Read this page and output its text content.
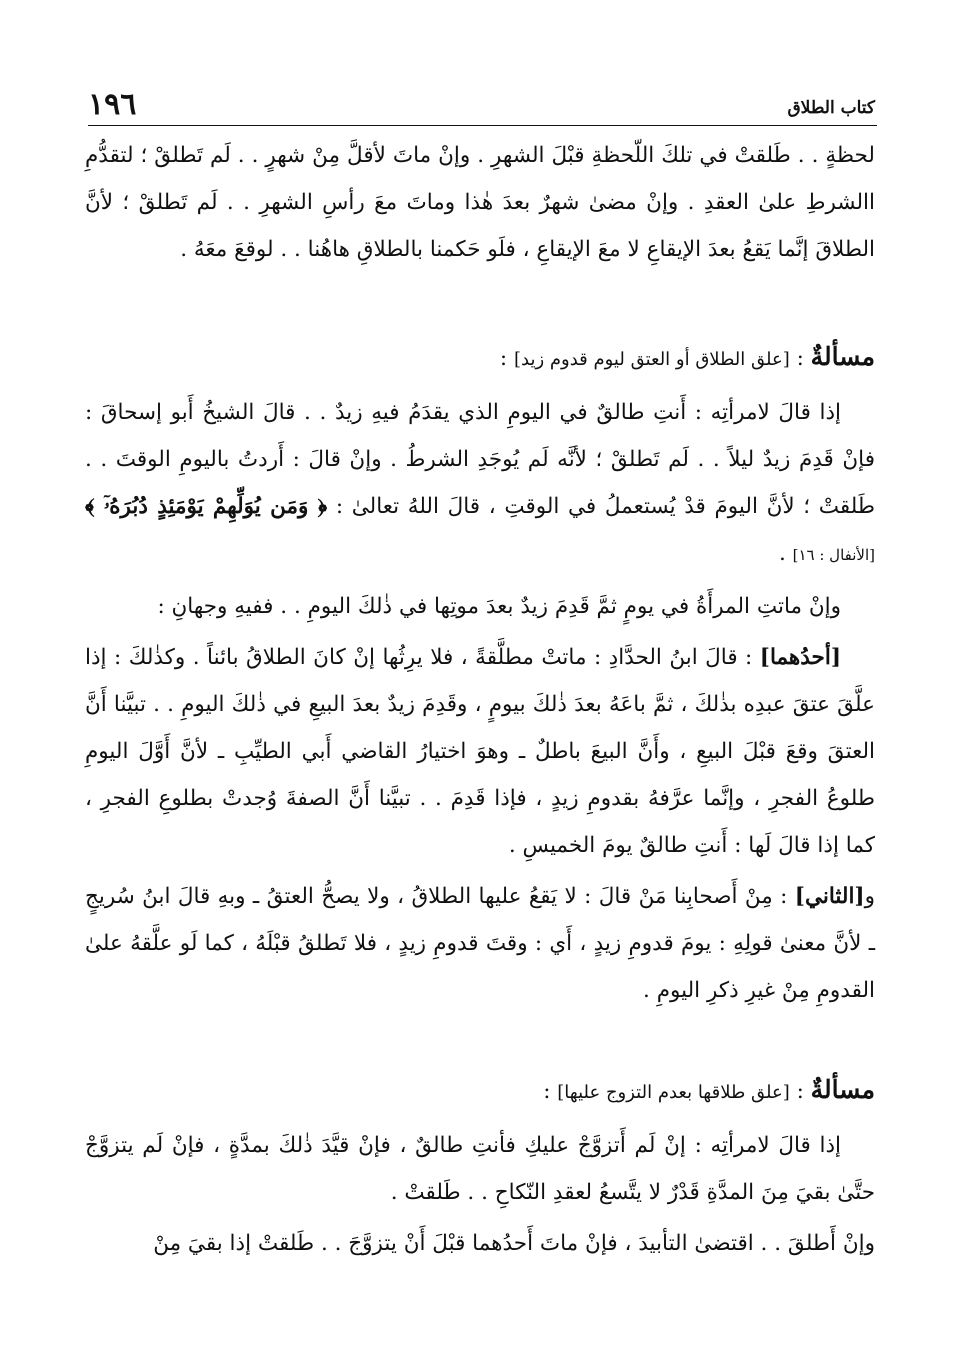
١٩٦	كتاب الطلاق

لحظةٍ . . طَلقتْ في تلكَ اللّحظةِ قبْلَ الشهرِ . وإنْ ماتَ لأقلَّ مِنْ شهرٍ . . لَم تَطلقْ ؛ لتقدُّمِ االشرطِ علىٰ العقدِ . وإنْ مضىٰ شهرٌ بعدَ هٰذا وماتَ معَ رأسِ الشهرِ . . لَم تَطلقْ ؛ لأنَّ الطلاقَ إنَّما يَقعُ بعدَ الإيقاعِ لا معَ الإيقاعِ ، فلَو حَكمنا بالطلاقِ هاهُنا . . لوقعَ معَهُ .

مسألةٌ : [علق الطلاق أو العتق ليوم قدوم زيد] :

إذا قالَ لامرأتِه : أَنتِ طالقٌ في اليومِ الذي يقدَمُ فيهِ زيدٌ . . قالَ الشيخُ أَبو إسحاقَ : فإنْ قَدِمَ زيدٌ ليلاً . . لَم تَطلقْ ؛ لأنَّه لَم يُوجَدِ الشرطُ . وإنْ قالَ : أَردتُ باليومِ الوقتَ . . طَلقتْ ؛ لأنَّ اليومَ قدْ يُستعملُ في الوقتِ ، قالَ اللهُ تعالىٰ : ﴿ وَمَن يُوَلِّهِمْ يَوْمَئِذٍ دُبُرَهُۥٓ ﴾ [الأنفال : ١٦] .

وإنْ ماتتِ المرأَةُ في يومٍ ثمَّ قَدِمَ زيدٌ بعدَ موتِها في ذٰلكَ اليومِ . . ففيهِ وجهانِ :

[أحدُهما] : قالَ ابنُ الحدَّادِ : ماتتْ مطلَّقةً ، فلا يرِثُها إنْ كانَ الطلاقُ بائناً . وكذٰلكَ : إذا علَّقَ عتقَ عبدِه بذٰلكَ ، ثمَّ باعَهُ بعدَ ذٰلكَ بيومٍ ، وقَدِمَ زيدٌ بعدَ البيعِ في ذٰلكَ اليومِ . . تبيَّنا أَنَّ العتقَ وقعَ قبْلَ البيعِ ، وأَنَّ البيعَ باطلٌ ـ وهوَ اختيارُ القاضي أَبي الطيِّبِ ـ لأنَّ أَوَّلَ اليومِ طلوعُ الفجرِ ، وإنَّما عرَّفهُ بقدومِ زيدٍ ، فإذا قَدِمَ . . تبيَّنا أَنَّ الصفةَ وُجدتْ بطلوعِ الفجرِ ، كما إذا قالَ لَها : أَنتِ طالقٌ يومَ الخميسِ .

و[الثاني] : مِنْ أَصحابِنا مَنْ قالَ : لا يَقعُ عليها الطلاقُ ، ولا يصحُّ العتقُ ـ وبهِ قالَ ابنُ سُريجٍ ـ لأنَّ معنىٰ قولِهِ : يومَ قدومِ زيدٍ ، أَي : وقتَ قدومِ زيدٍ ، فلا تَطلقُ قبْلَهُ ، كما لَو علَّقهُ علىٰ القدومِ مِنْ غيرِ ذكرِ اليومِ .

مسألةٌ : [علق طلاقها بعدم التزوج عليها] :

إذا قالَ لامرأتِه : إنْ لَم أَتزوَّجْ عليكِ فأنتِ طالقٌ ، فإنْ قيَّدَ ذٰلكَ بمدَّةٍ ، فإنْ لَم يتزوَّجْ حتَّىٰ بقيَ مِنَ المدَّةِ قَدْرٌ لا يتَّسعُ لعقدِ النّكاحِ . . طَلقتْ .

وإنْ أَطلقَ . . اقتضىٰ التأبيدَ ، فإنْ ماتَ أَحدُهما قبْلَ أَنْ يتزوَّجَ . . طَلقتْ إذا بقيَ مِنْ
